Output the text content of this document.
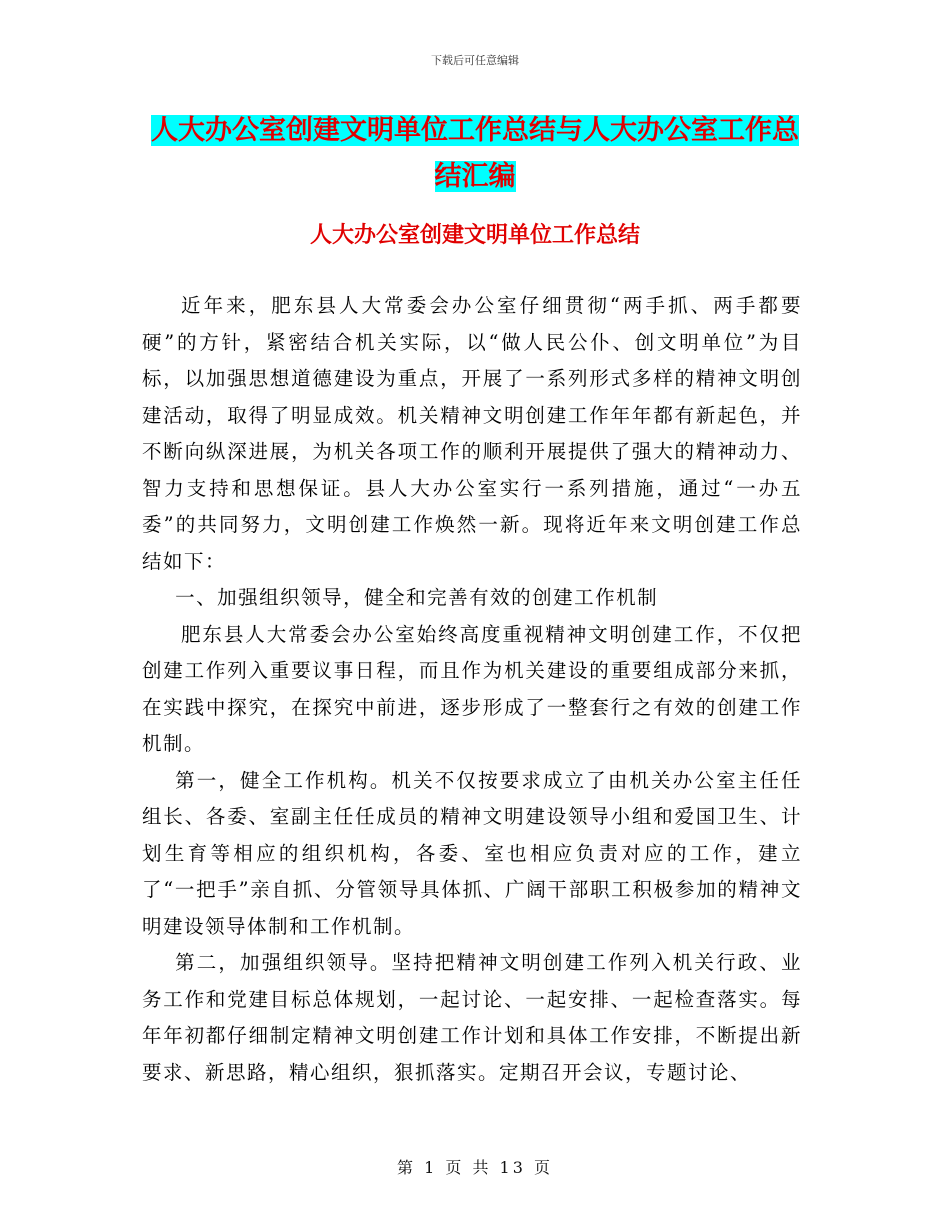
下载后可任意编辑
人大办公室创建文明单位工作总结与人大办公室工作总结汇编
人大办公室创建文明单位工作总结

近年来，肥东县人大常委会办公室仔细贯彻“两手抓、两手都要硬”的方针，紧密结合机关实际，以“做人民公仆、创文明单位”为目标，以加强思想道德建设为重点，开展了一系列形式多样的精神文明创建活动，取得了明显成效。机关精神文明创建工作年年都有新起色，并不断向纵深进展，为机关各项工作的顺利开展提供了强大的精神动力、智力支持和思想保证。县人大办公室实行一系列措施，通过“一办五委”的共同努力，文明创建工作焕然一新。现将近年来文明创建工作总结如下：

一、加强组织领导，健全和完善有效的创建工作机制

肥东县人大常委会办公室始终高度重视精神文明创建工作，不仅把创建工作列入重要议事日程，而且作为机关建设的重要组成部分来抓，在实践中探究，在探究中前进，逐步形成了一整套行之有效的创建工作机制。

第一，健全工作机构。机关不仅按要求成立了由机关办公室主任任组长、各委、室副主任任成员的精神文明建设领导小组和爱国卫生、计划生育等相应的组织机构，各委、室也相应负责对应的工作，建立了“一把手”亲自抓、分管领导具体抓、广阔干部职工积极参加的精神文明建设领导体制和工作机制。

第二，加强组织领导。坚持把精神文明创建工作列入机关行政、业务工作和党建目标总体规划，一起讨论、一起安排、一起检查落实。每年年初都仔细制定精神文明创建工作计划和具体工作安排，不断提出新要求、新思路，精心组织，狠抓落实。定期召开会议，专题讨论、

第 1 页 共 13 页
